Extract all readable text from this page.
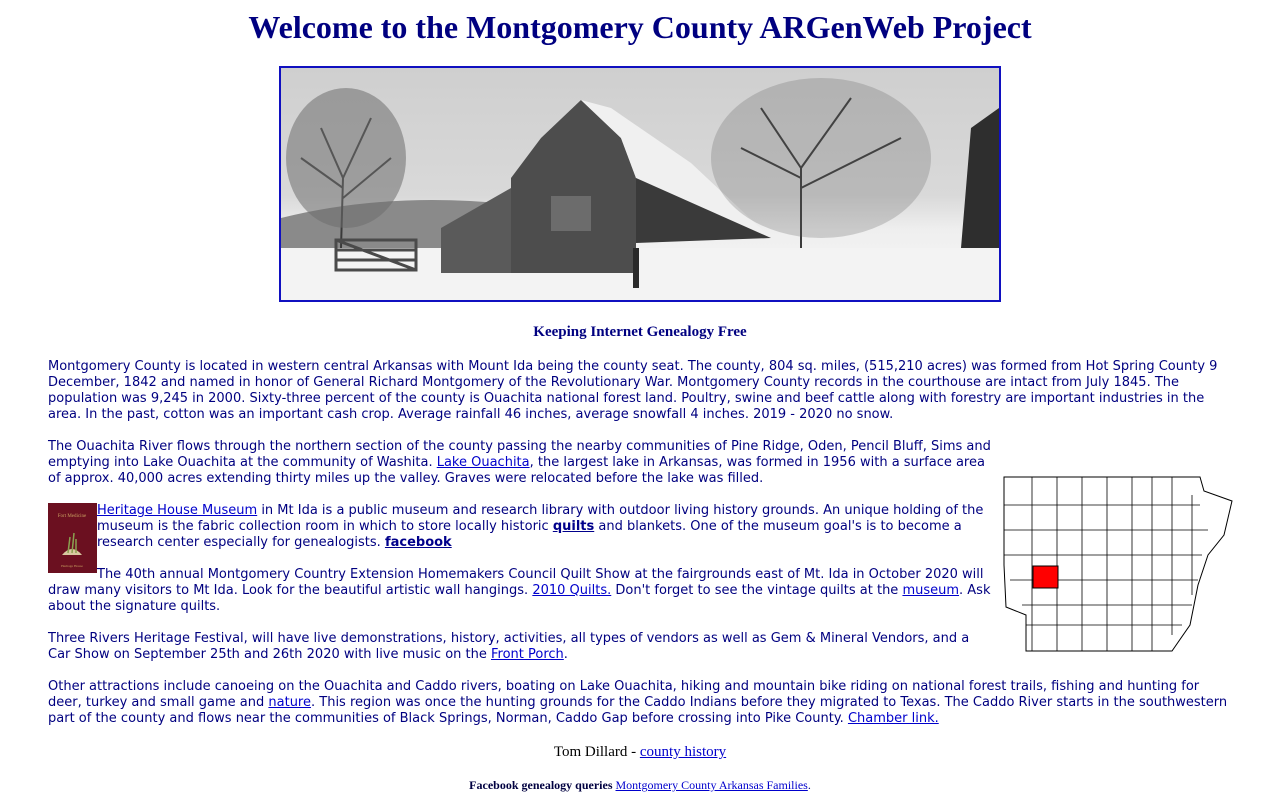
Welcome to the Montgomery County ARGenWeb Project
Keeping Internet Genealogy Free

Montgomery County is located in western central Arkansas with Mount Ida being the county seat. The county, 804 sq. miles, (515,210 acres) was formed from Hot Spring County 9 December, 1842 and named in honor of General Richard Montgomery of the Revolutionary War. Montgomery County records in the courthouse are intact from July 1845. The population was 9,245 in 2000. Sixty-three percent of the county is Ouachita national forest land. Poultry, swine and beef cattle along with forestry are important industries in the area. In the past, cotton was an important cash crop. Average rainfall 46 inches, average snowfall 4 inches. 2019 - 2020 no snow.

The Ouachita River flows through the northern section of the county passing the nearby communities of Pine Ridge, Oden, Pencil Bluff, Sims and emptying into Lake Ouachita at the community of Washita. Lake Ouachita, the largest lake in Arkansas, was formed in 1956 with a surface area of approx. 40,000 acres extending thirty miles up the valley. Graves were relocated before the lake was filled.

Fort Medicine
Heritage House

Heritage House Museum in Mt Ida is a public museum and research library with outdoor living history grounds. An unique holding of the museum is the fabric collection room in which to store locally historic quilts and blankets. One of the museum goal's is to become a research center especially for genealogists. facebook

The 40th annual Montgomery Country Extension Homemakers Council Quilt Show at the fairgrounds east of Mt. Ida in October 2020 will draw many visitors to Mt Ida. Look for the beautiful artistic wall hangings. 2010 Quilts. Don't forget to see the vintage quilts at the museum. Ask about the signature quilts.

Three Rivers Heritage Festival, will have live demonstrations, history, activities, all types of vendors as well as Gem & Mineral Vendors, and a Car Show on September 25th and 26th 2020 with live music on the Front Porch.

Other attractions include canoeing on the Ouachita and Caddo rivers, boating on Lake Ouachita, hiking and mountain bike riding on national forest trails, fishing and hunting for deer, turkey and small game and nature. This region was once the hunting grounds for the Caddo Indians before they migrated to Texas. The Caddo River starts in the southwestern part of the county and flows near the communities of Black Springs, Norman, Caddo Gap before crossing into Pike County. Chamber link.

Tom Dillard - county history
Facebook genealogy queries Montgomery County Arkansas Families.
